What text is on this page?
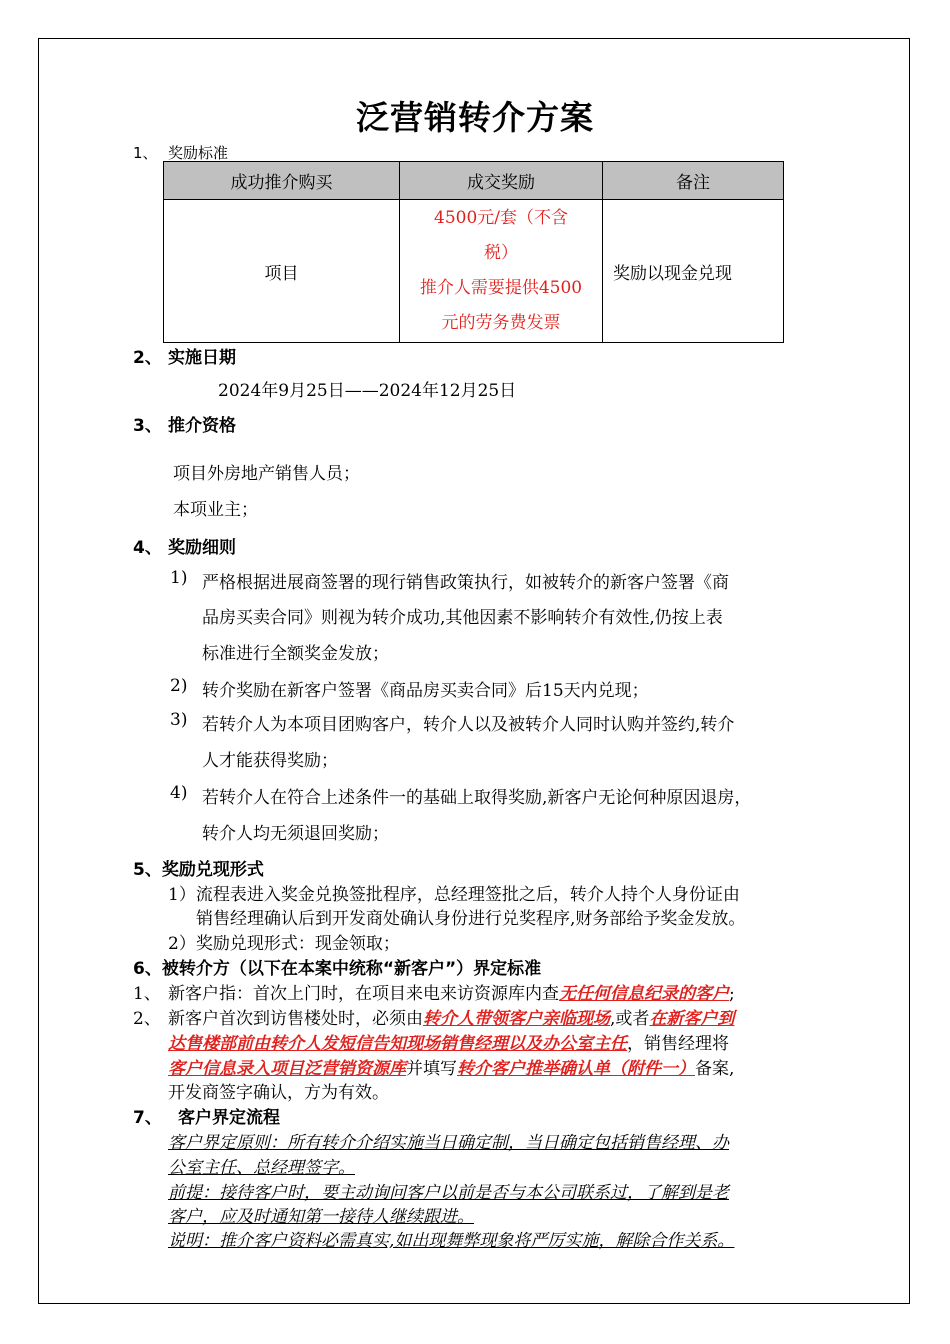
泛营销转介方案
1、 奖励标准
成功推介购买	成交奖励	备注
项目	4500元/套（不含
税）
推介人需要提供4500
元的劳务费发票	奖励以现金兑现
2、 实施日期
2024年9月25日——2024年12月25日
3、 推介资格
项目外房地产销售人员；
本项业主；
4、 奖励细则
1) 严格根据进展商签署的现行销售政策执行，如被转介的新客户签署《商
品房买卖合同》则视为转介成功,其他因素不影响转介有效性,仍按上表
标准进行全额奖金发放；
2) 转介奖励在新客户签署《商品房买卖合同》后15天内兑现；
3) 若转介人为本项目团购客户，转介人以及被转介人同时认购并签约,转介
人才能获得奖励；
4) 若转介人在符合上述条件一的基础上取得奖励,新客户无论何种原因退房，
转介人均无须退回奖励；
5、奖励兑现形式
1）流程表进入奖金兑换签批程序，总经理签批之后，转介人持个人身份证由
销售经理确认后到开发商处确认身份进行兑奖程序,财务部给予奖金发放。
2）奖励兑现形式：现金领取；
6、被转介方（以下在本案中统称“新客户”）界定标准
1、 新客户指：首次上门时，在项目来电来访资源库内查无任何信息纪录的客户;
2、 新客户首次到访售楼处时，必须由转介人带领客户亲临现场,或者在新客户到
达售楼部前由转介人发短信告知现场销售经理以及办公室主任，销售经理将
客户信息录入项目泛营销资源库并填写转介客户推举确认单（附件一）备案,
开发商签字确认，方为有效。
7、 客户界定流程
客户界定原则：所有转介介绍实施当日确定制，当日确定包括销售经理、办
公室主任、总经理签字。
前提：接待客户时，要主动询问客户以前是否与本公司联系过，了解到是老
客户，应及时通知第一接待人继续跟进。
说明：推介客户资料必需真实,如出现舞弊现象将严厉实施，解除合作关系。
